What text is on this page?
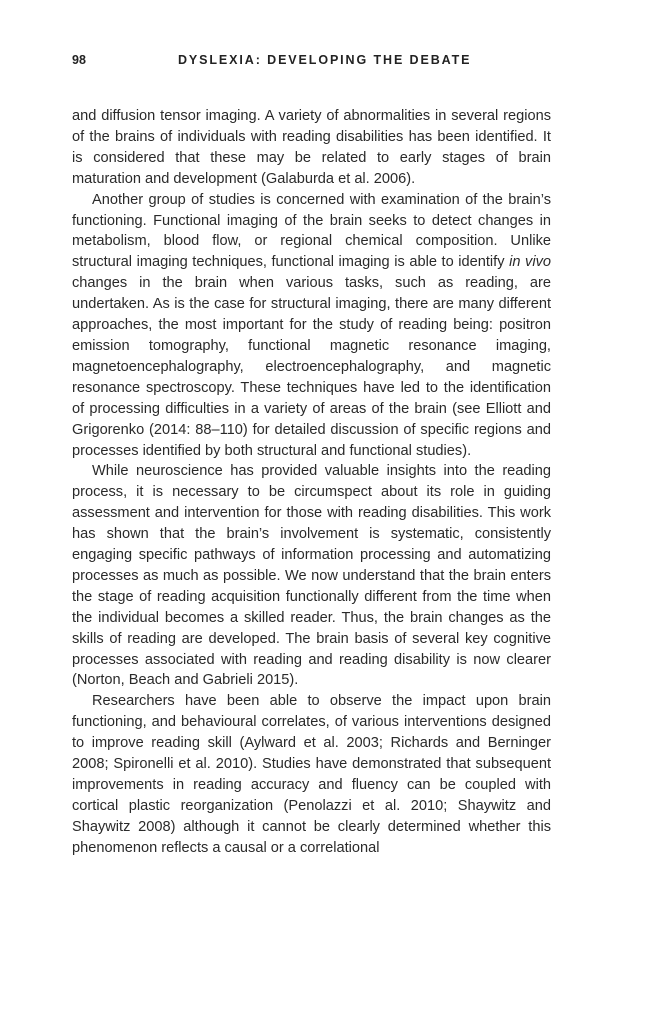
98	DYSLEXIA: DEVELOPING THE DEBATE

and diffusion tensor imaging. A variety of abnormalities in several regions of the brains of individuals with reading disabilities has been identified. It is considered that these may be related to early stages of brain maturation and development (Galaburda et al. 2006).

Another group of studies is concerned with examination of the brain’s functioning. Functional imaging of the brain seeks to detect changes in metabolism, blood flow, or regional chemical composition. Unlike structural imaging techniques, functional imaging is able to identify in vivo changes in the brain when various tasks, such as reading, are undertaken. As is the case for structural imaging, there are many different approaches, the most important for the study of reading being: positron emission tomography, functional magnetic resonance imaging, magnetoencephalography, electroencephalography, and magnetic resonance spectroscopy. These techniques have led to the identification of processing difficulties in a variety of areas of the brain (see Elliott and Grigorenko (2014: 88–110) for detailed discussion of specific regions and processes identified by both structural and functional studies).

While neuroscience has provided valuable insights into the reading process, it is necessary to be circumspect about its role in guiding assessment and intervention for those with reading disabilities. This work has shown that the brain’s involvement is systematic, consistently engaging specific pathways of information processing and automatizing processes as much as possible. We now understand that the brain enters the stage of reading acquisition functionally different from the time when the individual becomes a skilled reader. Thus, the brain changes as the skills of reading are developed. The brain basis of several key cognitive processes associated with reading and reading disability is now clearer (Norton, Beach and Gabrieli 2015).

Researchers have been able to observe the impact upon brain functioning, and behavioural correlates, of various interventions designed to improve reading skill (Aylward et al. 2003; Richards and Berninger 2008; Spironelli et al. 2010). Studies have demonstrated that subsequent improvements in reading accuracy and fluency can be coupled with cortical plastic reorganization (Penolazzi et al. 2010; Shaywitz and Shaywitz 2008) although it cannot be clearly determined whether this phenomenon reflects a causal or a correlational
